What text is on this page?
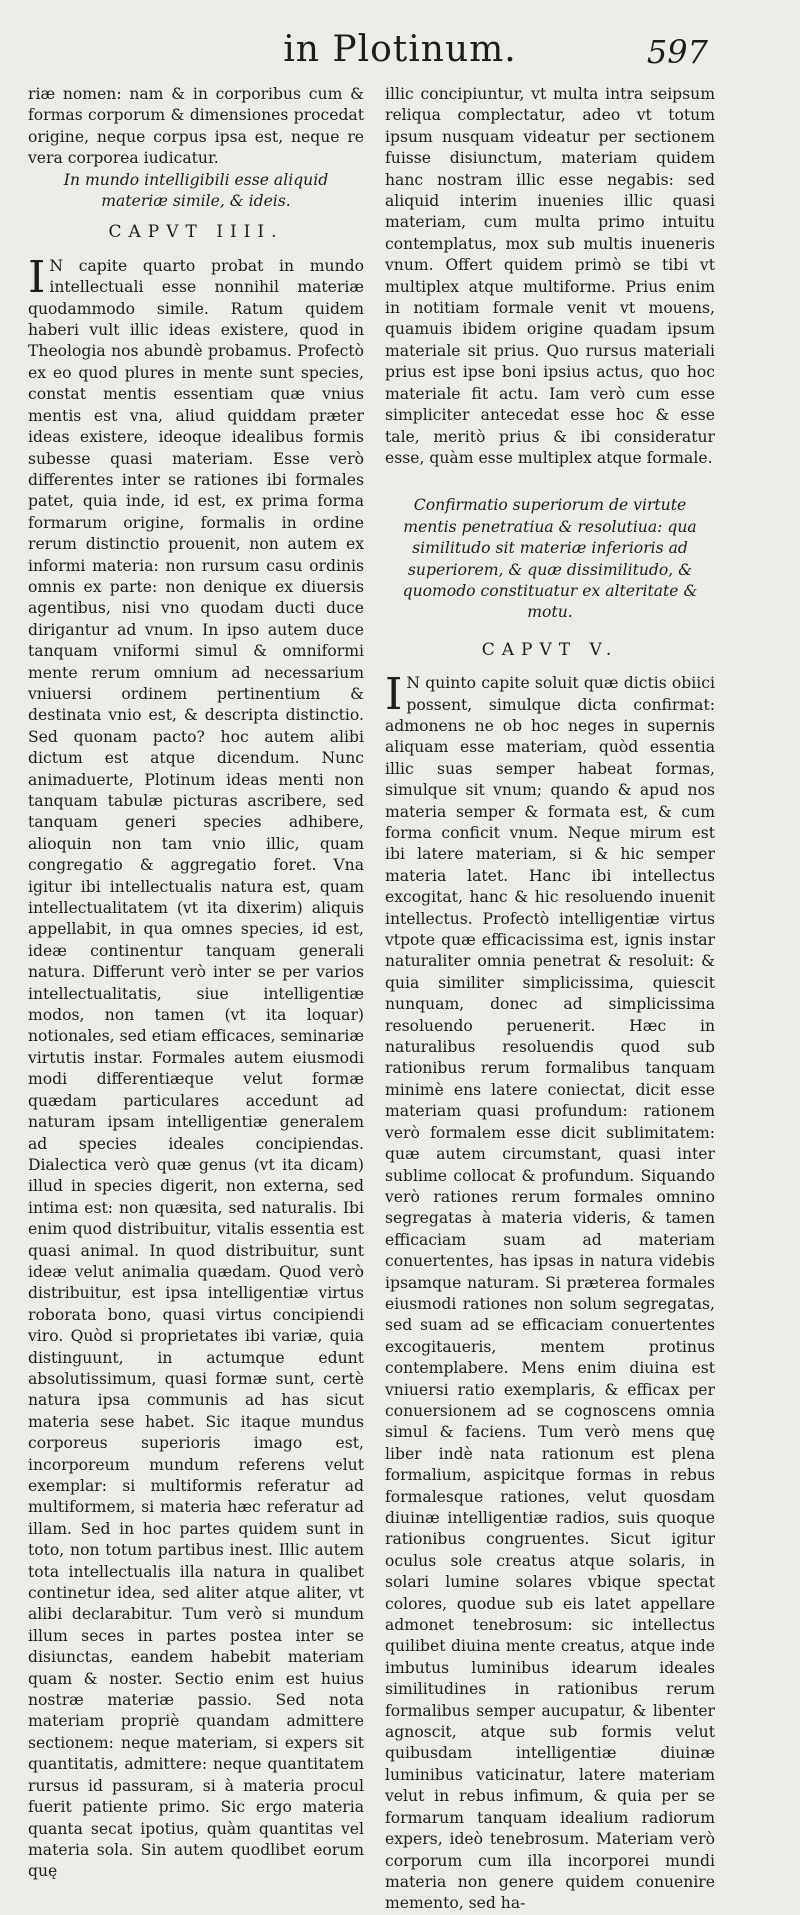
in Plotinum.	597

riæ nomen: nam & in corporibus cum & formas corporum & dimensiones procedat origine, neque corpus ipsa est, neque re vera corporea iudicatur.

In mundo intelligibili esse aliquid materiæ simile, & ideis.

CAPVT IIII.

I N capite quarto probat in mundo intellectuali esse nonnihil materiæ quodammodo simile. Ratum quidem haberi vult illic ideas existere, quod in Theologia nos abundè probamus. Profectò ex eo quod plures in mente sunt species, constat mentis essentiam quæ vnius mentis est vna, aliud quiddam præter ideas existere, ideoque idealibus formis subesse quasi materiam. Esse verò differentes inter se rationes ibi formales patet, quia inde, id est, ex prima forma formarum origine, formalis in ordine rerum distinctio prouenit, non autem ex informi materia: non rursum casu ordinis omnis ex parte: non denique ex diuersis agentibus, nisi vno quodam ducti duce dirigantur ad vnum. In ipso autem duce tanquam vniformi simul & omniformi mente rerum omnium ad necessarium vniuersi ordinem pertinentium & destinata vnio est, & descripta distinctio. Sed quonam pacto? hoc autem alibi dictum est atque dicendum. Nunc animaduerte, Plotinum ideas menti non tanquam tabulæ picturas ascribere, sed tanquam generi species adhibere, alioquin non tam vnio illic, quam congregatio & aggregatio foret. Vna igitur ibi intellectualis natura est, quam intellectualitatem (vt ita dixerim) aliquis appellabit, in qua omnes species, id est, ideæ continentur tanquam generali natura. Differunt verò inter se per varios intellectualitatis, siue intelligentiæ modos, non tamen (vt ita loquar) notionales, sed etiam efficaces, seminariæ virtutis instar. Formales autem eiusmodi modi differentiæque velut formæ quædam particulares accedunt ad naturam ipsam intelligentiæ generalem ad species ideales concipiendas. Dialectica verò quæ genus (vt ita dicam) illud in species digerit, non externa, sed intima est: non quæsita, sed naturalis. Ibi enim quod distribuitur, vitalis essentia est quasi animal. In quod distribuitur, sunt ideæ velut animalia quædam. Quod verò distribuitur, est ipsa intelligentiæ virtus roborata bono, quasi virtus concipiendi viro. Quòd si proprietates ibi variæ, quia distinguunt, in actumque edunt absolutissimum, quasi formæ sunt, certè natura ipsa communis ad has sicut materia sese habet. Sic itaque mundus corporeus superioris imago est, incorporeum mundum referens velut exemplar: si multiformis referatur ad multiformem, si materia hæc referatur ad illam. Sed in hoc partes quidem sunt in toto, non totum partibus inest. Illic autem tota intellectualis illa natura in qualibet continetur idea, sed aliter atque aliter, vt alibi declarabitur. Tum verò si mundum illum seces in partes postea inter se disiunctas, eandem habebit materiam quam & noster. Sectio enim est huius nostræ materiæ passio. Sed nota materiam propriè quandam admittere sectionem: neque materiam, si expers sit quantitatis, admittere: neque quantitatem rursus id passuram, si à materia procul fuerit patiente primo. Sic ergo materia quanta secat ipotius, quàm quantitas vel materia sola. Sin autem quodlibet eorum quę

illic concipiuntur, vt multa intra seipsum reliqua complectatur, adeo vt totum ipsum nusquam videatur per sectionem fuisse disiunctum, materiam quidem hanc nostram illic esse negabis: sed aliquid interim inuenies illic quasi materiam, cum multa primo intuitu contemplatus, mox sub multis inueneris vnum. Offert quidem primò se tibi vt multiplex atque multiforme. Prius enim in notitiam formale venit vt mouens, quamuis ibidem origine quadam ipsum materiale sit prius. Quo rursus materiali prius est ipse boni ipsius actus, quo hoc materiale fit actu. Iam verò cum esse simpliciter antecedat esse hoc & esse tale, meritò prius & ibi consideratur esse, quàm esse multiplex atque formale.

Confirmatio superiorum de virtute mentis penetratiua & resolutiua: qua similitudo sit materiæ inferioris ad superiorem, & quæ dissimilitudo, & quomodo constituatur ex alteritate & motu.

CAPVT V.

I N quinto capite soluit quæ dictis obiici possent, simulque dicta confirmat: admonens ne ob hoc neges in supernis aliquam esse materiam, quòd essentia illic suas semper habeat formas, simulque sit vnum; quando & apud nos materia semper & formata est, & cum forma conficit vnum. Neque mirum est ibi latere materiam, si & hic semper materia latet. Hanc ibi intellectus excogitat, hanc & hic resoluendo inuenit intellectus. Profectò intelligentiæ virtus vtpote quæ efficacissima est, ignis instar naturaliter omnia penetrat & resoluit: & quia similiter simplicissima, quiescit nunquam, donec ad simplicissima resoluendo peruenerit. Hæc in naturalibus resoluendis quod sub rationibus rerum formalibus tanquam minimè ens latere coniectat, dicit esse materiam quasi profundum: rationem verò formalem esse dicit sublimitatem: quæ autem circumstant, quasi inter sublime collocat & profundum. Siquando verò rationes rerum formales omnino segregatas à materia videris, & tamen efficaciam suam ad materiam conuertentes, has ipsas in natura videbis ipsamque naturam. Si præterea formales eiusmodi rationes non solum segregatas, sed suam ad se efficaciam conuertentes excogitaueris, mentem protinus contemplabere. Mens enim diuina est vniuersi ratio exemplaris, & efficax per conuersionem ad se cognoscens omnia simul & faciens. Tum verò mens quę liber indè nata rationum est plena formalium, aspicitque formas in rebus formalesque rationes, velut quosdam diuinæ intelligentiæ radios, suis quoque rationibus congruentes. Sicut igitur oculus sole creatus atque solaris, in solari lumine solares vbique spectat colores, quodue sub eis latet appellare admonet tenebrosum: sic intellectus quilibet diuina mente creatus, atque inde imbutus luminibus idearum ideales similitudines in rationibus rerum formalibus semper aucupatur, & libenter agnoscit, atque sub formis velut quibusdam intelligentiæ diuinæ luminibus vaticinatur, latere materiam velut in rebus infimum, & quia per se formarum tanquam idealium radiorum expers, ideò tenebrosum. Materiam verò corporum cum illa incorporei mundi materia non genere quidem conuenire memento, sed ha-
